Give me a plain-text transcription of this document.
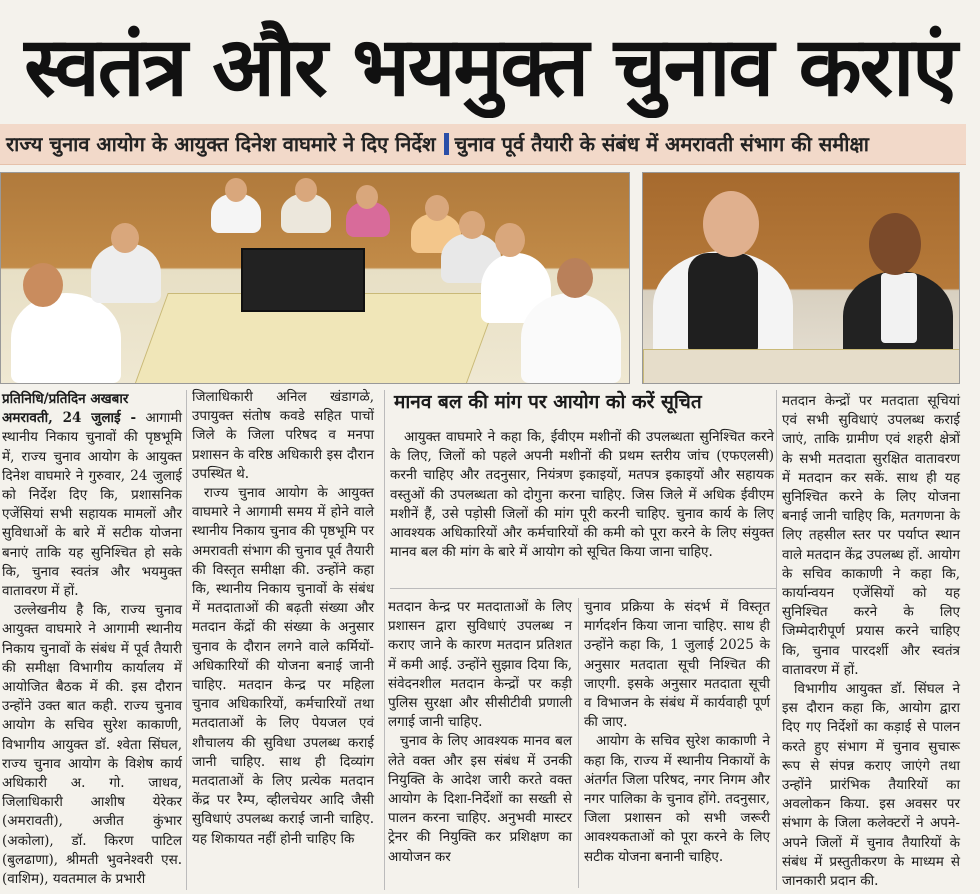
स्वतंत्र और भयमुक्त चुनाव कराएं
राज्य चुनाव आयोग के आयुक्त दिनेश वाघमारे ने दिए निर्देश चुनाव पूर्व तैयारी के संबंध में अमरावती संभाग की समीक्षा

प्रतिनिधि/प्रतिदिन अखबार

अमरावती, 24 जुलाई - आगामी स्थानीय निकाय चुनावों की पृष्ठभूमि में, राज्य चुनाव आयोग के आयुक्त दिनेश वाघमारे ने गुरुवार, 24 जुलाई को निर्देश दिए कि, प्रशासनिक एजेंसियां सभी सहायक मामलों और सुविधाओं के बारे में सटीक योजना बनाएं ताकि यह सुनिश्चित हो सके कि, चुनाव स्वतंत्र और भयमुक्त वातावरण में हों.

उल्लेखनीय है कि, राज्य चुनाव आयुक्त वाघमारे ने आगामी स्थानीय निकाय चुनावों के संबंध में पूर्व तैयारी की समीक्षा विभागीय कार्यालय में आयोजित बैठक में की. इस दौरान उन्होंने उक्त बात कही. राज्य चुनाव आयोग के सचिव सुरेश काकाणी, विभागीय आयुक्त डॉ. श्वेता सिंघल, राज्य चुनाव आयोग के विशेष कार्य अधिकारी अ. गो. जाधव, जिलाधिकारी आशीष येरेकर (अमरावती), अजीत कुंभार (अकोला), डॉ. किरण पाटिल (बुलढाणा), श्रीमती भुवनेश्वरी एस. (वाशिम), यवतमाल के प्रभारी

जिलाधिकारी अनिल खंडागळे, उपायुक्त संतोष कवडे सहित पाचों जिले के जिला परिषद व मनपा प्रशासन के वरिष्ठ अधिकारी इस दौरान उपस्थित थे.

राज्य चुनाव आयोग के आयुक्त वाघमारे ने आगामी समय में होने वाले स्थानीय निकाय चुनाव की पृष्ठभूमि पर अमरावती संभाग की चुनाव पूर्व तैयारी की विस्तृत समीक्षा की. उन्होंने कहा कि, स्थानीय निकाय चुनावों के संबंध में मतदाताओं की बढ़ती संख्या और मतदान केंद्रों की संख्या के अनुसार चुनाव के दौरान लगने वाले कर्मियों-अधिकारियों की योजना बनाई जानी चाहिए. मतदान केन्द्र पर महिला चुनाव अधिकारियों, कर्मचारियों तथा मतदाताओं के लिए पेयजल एवं शौचालय की सुविधा उपलब्ध कराई जानी चाहिए. साथ ही दिव्यांग मतदाताओं के लिए प्रत्येक मतदान केंद्र पर रैम्प, व्हीलचेयर आदि जैसी सुविधाएं उपलब्ध कराई जानी चाहिए. यह शिकायत नहीं होनी चाहिए कि

मानव बल की मांग पर आयोग को करें सूचित

आयुक्त वाघमारे ने कहा कि, ईवीएम मशीनों की उपलब्धता सुनिश्चित करने के लिए, जिलों को पहले अपनी मशीनों की प्रथम स्तरीय जांच (एफएलसी) करनी चाहिए और तदनुसार, नियंत्रण इकाइयों, मतपत्र इकाइयों और सहायक वस्तुओं की उपलब्धता को दोगुना करना चाहिए. जिस जिले में अधिक ईवीएम मशीनें हैं, उसे पड़ोसी जिलों की मांग पूरी करनी चाहिए. चुनाव कार्य के लिए आवश्यक अधिकारियों और कर्मचारियों की कमी को पूरा करने के लिए संयुक्त मानव बल की मांग के बारे में आयोग को सूचित किया जाना चाहिए.

मतदान केन्द्र पर मतदाताओं के लिए प्रशासन द्वारा सुविधाएं उपलब्ध न कराए जाने के कारण मतदान प्रतिशत में कमी आई. उन्होंने सुझाव दिया कि, संवेदनशील मतदान केन्द्रों पर कड़ी पुलिस सुरक्षा और सीसीटीवी प्रणाली लगाई जानी चाहिए.

चुनाव के लिए आवश्यक मानव बल लेते वक्त और इस संबंध में उनकी नियुक्ति के आदेश जारी करते वक्त आयोग के दिशा-निर्देशों का सख्ती से पालन करना चाहिए. अनुभवी मास्टर ट्रेनर की नियुक्ति कर प्रशिक्षण का आयोजन कर

चुनाव प्रक्रिया के संदर्भ में विस्तृत मार्गदर्शन किया जाना चाहिए. साथ ही उन्होंने कहा कि, 1 जुलाई 2025 के अनुसार मतदाता सूची निश्चित की जाएगी. इसके अनुसार मतदाता सूची व विभाजन के संबंध में कार्यवाही पूर्ण की जाए.

आयोग के सचिव सुरेश काकाणी ने कहा कि, राज्य में स्थानीय निकायों के अंतर्गत जिला परिषद, नगर निगम और नगर पालिका के चुनाव होंगे. तदनुसार, जिला प्रशासन को सभी जरूरी आवश्यकताओं को पूरा करने के लिए सटीक योजना बनानी चाहिए.

मतदान केन्द्रों पर मतदाता सूचियां एवं सभी सुविधाएं उपलब्ध कराई जाएं, ताकि ग्रामीण एवं शहरी क्षेत्रों के सभी मतदाता सुरक्षित वातावरण में मतदान कर सकें. साथ ही यह सुनिश्चित करने के लिए योजना बनाई जानी चाहिए कि, मतगणना के लिए तहसील स्तर पर पर्याप्त स्थान वाले मतदान केंद्र उपलब्ध हों. आयोग के सचिव काकाणी ने कहा कि, कार्यान्वयन एजेंसियों को यह सुनिश्चित करने के लिए जिम्मेदारीपूर्ण प्रयास करने चाहिए कि, चुनाव पारदर्शी और स्वतंत्र वातावरण में हों.

विभागीय आयुक्त डॉ. सिंघल ने इस दौरान कहा कि, आयोग द्वारा दिए गए निर्देशों का कड़ाई से पालन करते हुए संभाग में चुनाव सुचारू रूप से संपन्न कराए जाएंगे तथा उन्होंने प्रारंभिक तैयारियों का अवलोकन किया. इस अवसर पर संभाग के जिला कलेक्टरों ने अपने-अपने जिलों में चुनाव तैयारियों के संबंध में प्रस्तुतीकरण के माध्यम से जानकारी प्रदान की.
